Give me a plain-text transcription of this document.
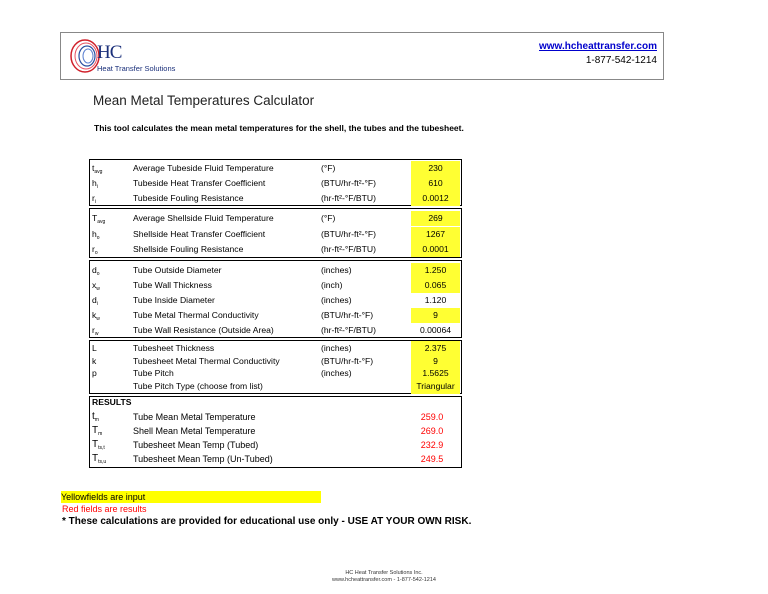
HC
Heat Transfer Solutions
www.hcheattransfer.com
1-877-542-1214
Mean Metal Temperatures Calculator
This tool calculates the mean metal temperatures for the shell, the tubes and the tubesheet.
$t_{avg}$	Average Tubeside Fluid Temperature	(°F)	230
$h_i$	Tubeside Heat Transfer Coefficient	(BTU/hr-ft²-°F)	610
$r_i$	Tubeside Fouling Resistance	(hr-ft²-°F/BTU)	0.0012
$T_{avg}$	Average Shellside Fluid Temperature	(°F)	269
$h_o$	Shellside Heat Transfer Coefficient	(BTU/hr-ft²-°F)	1267
$r_o$	Shellside Fouling Resistance	(hr-ft²-°F/BTU)	0.0001
$d_o$	Tube Outside Diameter	(inches)	1.250
$x_w$	Tube Wall Thickness	(inch)	0.065
$d_i$	Tube Inside Diameter	(inches)	1.120
$k_w$	Tube Metal Thermal Conductivity	(BTU/hr-ft-°F)	9
$r_w$	Tube Wall Resistance (Outside Area)	(hr-ft²-°F/BTU)	0.00064
L	Tubesheet Thickness	(inches)	2.375
k	Tubesheet Metal Thermal Conductivity	(BTU/hr-ft-°F)	9
p	Tube Pitch	(inches)	1.5625
Tube Pitch Type (choose from list)	Triangular
RESULTS
$t_m$	Tube Mean Metal Temperature	259.0
$T_m$	Shell Mean Metal Temperature	269.0
$T_{ts,t}$	Tubesheet Mean Temp (Tubed)	232.9
$T_{ts,u}$	Tubesheet Mean Temp (Un-Tubed)	249.5
Yellowfields are input
Red fields are results
* These calculations are provided for educational use only - USE AT YOUR OWN RISK.
HC Heat Transfer Solutions Inc.
www.hcheattransfer.com - 1-877-542-1214
